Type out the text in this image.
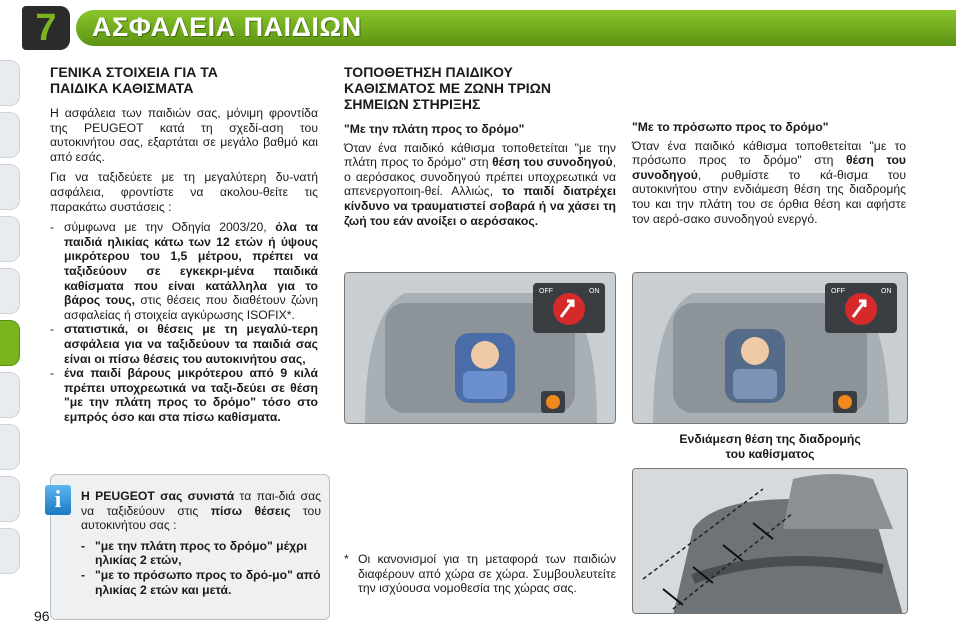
7 ΑΣΦΑΛΕΙΑ ΠΑΙΔΙΩΝ
ΓΕΝΙΚΑ ΣΤΟΙΧΕΙΑ ΓΙΑ ΤΑ
ΠΑΙΔΙΚΑ ΚΑΘΙΣΜΑΤΑ

Η ασφάλεια των παιδιών σας, μόνιμη φροντίδα της PEUGEOT κατά τη σχεδί-αση του αυτοκινήτου σας, εξαρτάται σε μεγάλο βαθμό και από εσάς.

Για να ταξιδεύετε με τη μεγαλύτερη δυ-νατή ασφάλεια, φροντίστε να ακολου-θείτε τις παρακάτω συστάσεις :

- σύμφωνα με την Οδηγία 2003/20, όλα τα παιδιά ηλικίας κάτω των 12 ετών ή ύψους μικρότερου του 1,5 μέτρου, πρέπει να ταξιδεύουν σε εγκεκρι-μένα παιδικά καθίσματα που είναι κατάλληλα για το βάρος τους, στις θέσεις που διαθέτουν ζώνη ασφαλείας ή στοιχεία αγκύρωσης ISOFIX*.
- στατιστικά, οι θέσεις με τη μεγαλύ-τερη ασφάλεια για να ταξιδεύουν τα παιδιά σας είναι οι πίσω θέσεις του αυτοκινήτου σας,
- ένα παιδί βάρους μικρότερου από 9 κιλά πρέπει υποχρεωτικά να ταξι-δεύει σε θέση "με την πλάτη προς το δρόμο" τόσο στο εμπρός όσο και στα πίσω καθίσματα.
i	Η PEUGEOT σας συνιστά τα παι-διά σας να ταξιδεύουν στις πίσω θέσεις του αυτοκινήτου σας :

- "με την πλάτη προς το δρόμο" μέχρι ηλικίας 2 ετών,
- "με το πρόσωπο προς το δρό-μο" από ηλικίας 2 ετών και μετά.
ΤΟΠΟΘΕΤΗΣΗ ΠΑΙΔΙΚΟΥ
ΚΑΘΙΣΜΑΤΟΣ ΜΕ ΖΩΝΗ ΤΡΙΩΝ
ΣΗΜΕΙΩΝ ΣΤΗΡΙΞΗΣ
"Με την πλάτη προς το δρόμο"

Όταν ένα παιδικό κάθισμα τοποθετείται "με την πλάτη προς το δρόμο" στη θέση του συνοδηγού, ο αερόσακος συνοδηγού πρέπει υποχρεωτικά να απενεργοποιη-θεί. Αλλιώς, το παιδί διατρέχει κίνδυνο να τραυματιστεί σοβαρά ή να χάσει τη ζωή του εάν ανοίξει ο αερόσακος.

OFF	ON
* Οι κανονισμοί για τη μεταφορά των παιδιών διαφέρουν από χώρα σε χώρα. Συμβουλευτείτε την ισχύουσα νομοθεσία της χώρας σας.
"Με το πρόσωπο προς το δρόμο"

Όταν ένα παιδικό κάθισμα τοποθετείται "με το πρόσωπο προς το δρόμο" στη θέση του συνοδηγού, ρυθμίστε το κά-θισμα του αυτοκινήτου στην ενδιάμεση θέση της διαδρομής του και την πλάτη του σε όρθια θέση και αφήστε τον αερό-σακο συνοδηγού ενεργό.

OFF	ON
Ενδιάμεση θέση της διαδρομής
του καθίσματος
96
